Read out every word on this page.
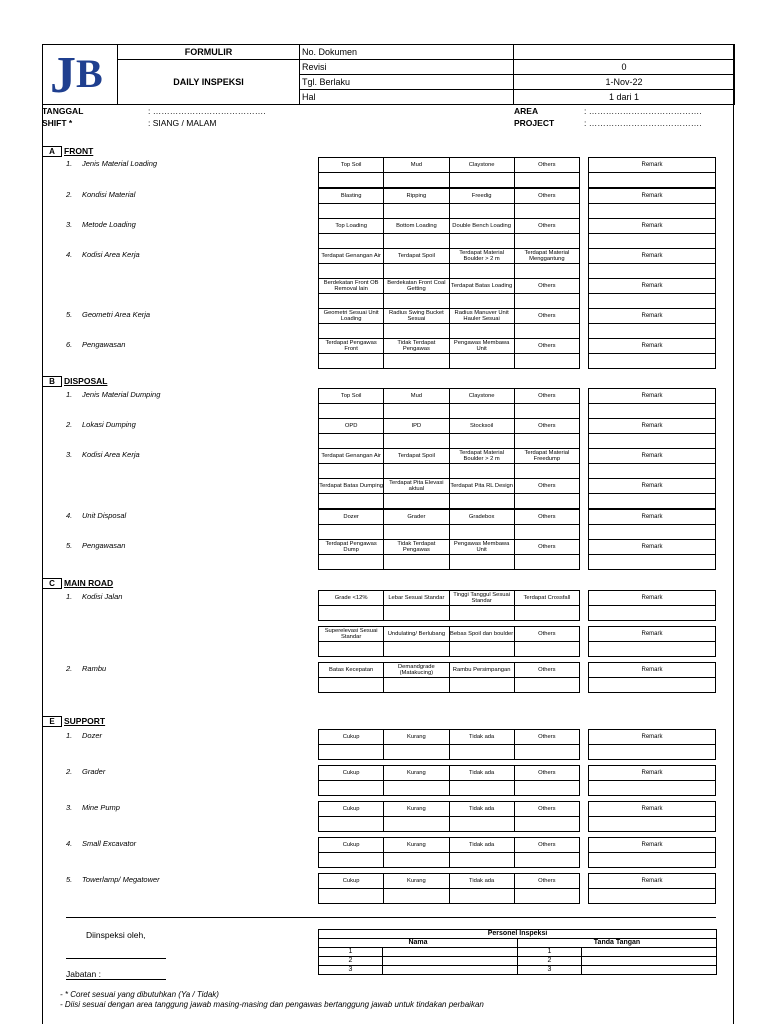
J B	FORMULIR	No. Dokumen	
	DAILY INSPEKSI	Revisi	0
		Tgl. Berlaku	1-Nov-22
		Hal	1 dari 1
TANGGAL	: ………………………………….
SHIFT *	: SIANG / MALAM
AREA	: ………………………………….
PROJECT	: ………………………………….
A FRONT
1. Jenis Material Loading	Top Soil	Mud	Claystone	Others
				Remark

2. Kondisi Material	Blasting	Ripping	Freedig	Others
				Remark

3. Metode Loading	Top Loading	Bottom Loading	Double Bench Loading	Others
				Remark

4. Kodisi Area Kerja	Terdapat Genangan Air	Terdapat Spoil	Terdapat Material Boulder > 2 m	Terdapat Material Menggantung
				Remark

Berdekatan Front OB Removal lain	Berdekatan Front Coal Getting	Terdapat Batas Loading	Others
				Remark

5. Geometri Area Kerja	Geometri Sesuai Unit Loading	Radius Swing Bucket Sesuai	Radius Manuver Unit Hauler Sesuai	Others
				Remark

6. Pengawasan	Terdapat Pengawas Front	Tidak Terdapat Pengawas	Pengawas Membawa Unit	Others
				Remark

B DISPOSAL
1. Jenis Material Dumping	Top Soil	Mud	Claystone	Others
				Remark

2. Lokasi Dumping	OPD	IPD	Stocksoil	Others
				Remark

3. Kodisi Area Kerja	Terdapat Genangan Air	Terdapat Spoil	Terdapat Material Boulder > 2 m	Terdapat Material Freedump
				Remark

Terdapat Batas Dumping	Terdapat Pita Elevasi aktual	Terdapat Pita RL Design	Others
				Remark

4. Unit Disposal	Dozer	Grader	Gradebox	Others
				Remark

5. Pengawasan	Terdapat Pengawas Dump	Tidak Terdapat Pengawas	Pengawas Membawa Unit	Others
				Remark

C MAIN ROAD
1. Kodisi Jalan	Grade <12%	Lebar Sesuai Standar	Tinggi Tanggul Sesuai Standar	Terdapat Crossfall
				Remark

Superelevasi Sesuai Standar	Undulating/ Berlubang	Bebas Spoil dan boulder	Others
				Remark

2. Rambu	Batas Kecepatan	Demandgrade (Matakucing)	Rambu Persimpangan	Others
				Remark

E SUPPORT
1. Dozer	Cukup	Kurang	Tidak ada	Others
				Remark

2. Grader	Cukup	Kurang	Tidak ada	Others
				Remark

3. Mine Pump	Cukup	Kurang	Tidak ada	Others
				Remark

4. Small Excavator	Cukup	Kurang	Tidak ada	Others
				Remark

5. Towerlamp/ Megatower	Cukup	Kurang	Tidak ada	Others
				Remark

Diinspeksi oleh,
Jabatan :
Personel Inspeksi			
Nama		Tanda Tangan	
1		1	
2		2	
3		3	
- * Coret sesuai yang dibutuhkan (Ya / Tidak)
- Diisi sesuai dengan area tanggung jawab masing-masing dan pengawas bertanggung jawab untuk tindakan perbaikan
